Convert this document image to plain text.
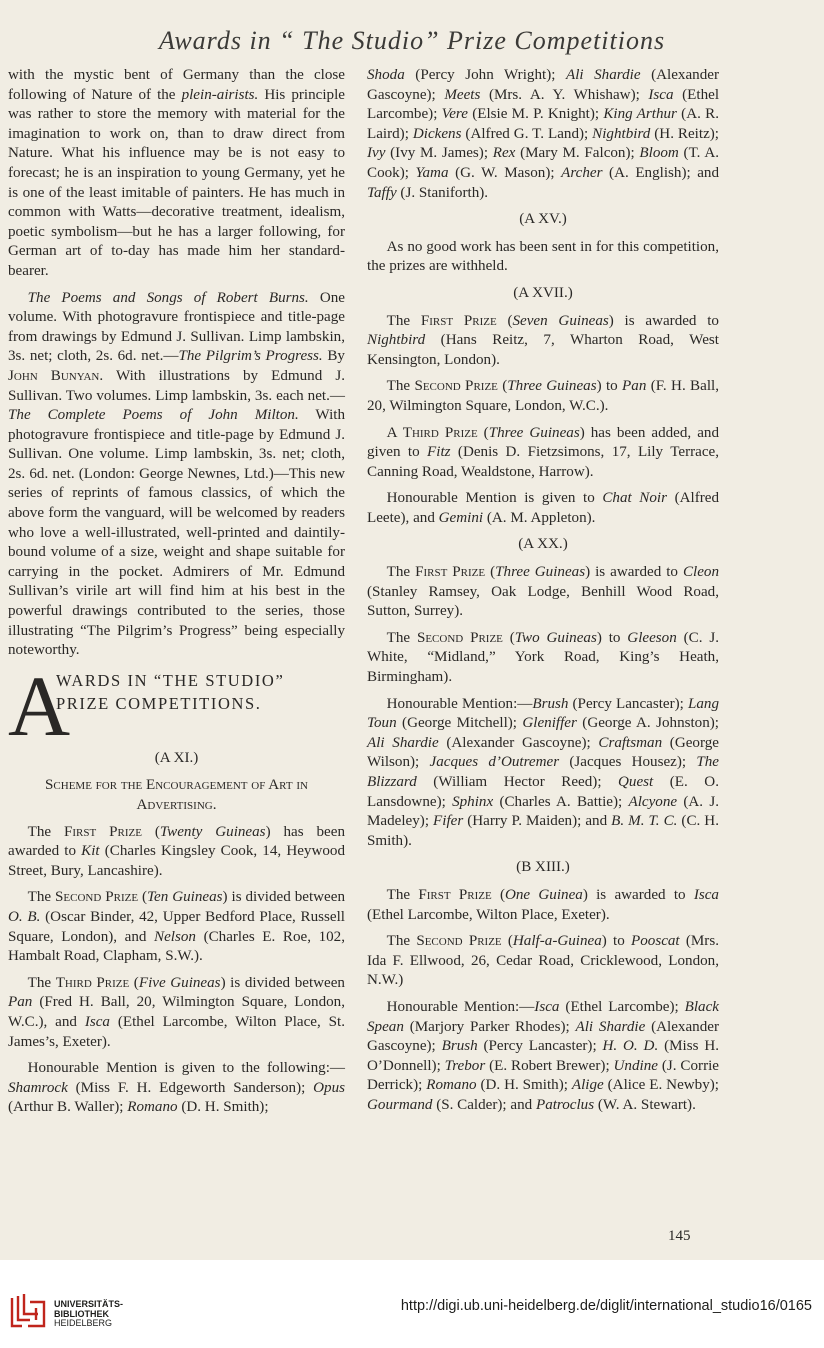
Awards in “ The Studio” Prize Competitions

with the mystic bent of Germany than the close following of Nature of the plein-airists. His principle was rather to store the memory with material for the imagination to work on, than to draw direct from Nature. What his influence may be is not easy to forecast; he is an inspiration to young Germany, yet he is one of the least imitable of painters. He has much in common with Watts—decorative treatment, idealism, poetic symbolism—but he has a larger following, for German art of to-day has made him her standard-bearer.

The Poems and Songs of Robert Burns. One volume. With photogravure frontispiece and title-page from drawings by Edmund J. Sullivan. Limp lambskin, 3s. net; cloth, 2s. 6d. net.—The Pilgrim’s Progress. By John Bunyan. With illustrations by Edmund J. Sullivan. Two volumes. Limp lambskin, 3s. each net.—The Complete Poems of John Milton. With photogravure frontispiece and title-page by Edmund J. Sullivan. One volume. Limp lambskin, 3s. net; cloth, 2s. 6d. net. (London: George Newnes, Ltd.)—This new series of reprints of famous classics, of which the above form the vanguard, will be welcomed by readers who love a well-illustrated, well-printed and daintily-bound volume of a size, weight and shape suitable for carrying in the pocket. Admirers of Mr. Edmund Sullivan’s virile art will find him at his best in the powerful drawings contributed to the series, those illustrating “The Pilgrim’s Progress” being especially noteworthy.

A
WARDS IN “THE STUDIO”
PRIZE COMPETITIONS.

(A XI.)

Scheme for the Encouragement of Art in Advertising.

The First Prize (Twenty Guineas) has been awarded to Kit (Charles Kingsley Cook, 14, Heywood Street, Bury, Lancashire).

The Second Prize (Ten Guineas) is divided between O. B. (Oscar Binder, 42, Upper Bedford Place, Russell Square, London), and Nelson (Charles E. Roe, 102, Hambalt Road, Clapham, S.W.).

The Third Prize (Five Guineas) is divided between Pan (Fred H. Ball, 20, Wilmington Square, London, W.C.), and Isca (Ethel Larcombe, Wilton Place, St. James’s, Exeter).

Honourable Mention is given to the following:— Shamrock (Miss F. H. Edgeworth Sanderson); Opus (Arthur B. Waller); Romano (D. H. Smith);

Shoda (Percy John Wright); Ali Shardie (Alexander Gascoyne); Meets (Mrs. A. Y. Whishaw); Isca (Ethel Larcombe); Vere (Elsie M. P. Knight); King Arthur (A. R. Laird); Dickens (Alfred G. T. Land); Nightbird (H. Reitz); Ivy (Ivy M. James); Rex (Mary M. Falcon); Bloom (T. A. Cook); Yama (G. W. Mason); Archer (A. English); and Taffy (J. Staniforth).

(A XV.)

As no good work has been sent in for this competition, the prizes are withheld.

(A XVII.)

The First Prize (Seven Guineas) is awarded to Nightbird (Hans Reitz, 7, Wharton Road, West Kensington, London).

The Second Prize (Three Guineas) to Pan (F. H. Ball, 20, Wilmington Square, London, W.C.).

A Third Prize (Three Guineas) has been added, and given to Fitz (Denis D. Fietzsimons, 17, Lily Terrace, Canning Road, Wealdstone, Harrow).

Honourable Mention is given to Chat Noir (Alfred Leete), and Gemini (A. M. Appleton).

(A XX.)

The First Prize (Three Guineas) is awarded to Cleon (Stanley Ramsey, Oak Lodge, Benhill Wood Road, Sutton, Surrey).

The Second Prize (Two Guineas) to Gleeson (C. J. White, “Midland,” York Road, King’s Heath, Birmingham).

Honourable Mention:—Brush (Percy Lancaster); Lang Toun (George Mitchell); Gleniffer (George A. Johnston); Ali Shardie (Alexander Gascoyne); Craftsman (George Wilson); Jacques d’Outremer (Jacques Housez); The Blizzard (William Hector Reed); Quest (E. O. Lansdowne); Sphinx (Charles A. Battie); Alcyone (A. J. Madeley); Fifer (Harry P. Maiden); and B. M. T. C. (C. H. Smith).

(B XIII.)

The First Prize (One Guinea) is awarded to Isca (Ethel Larcombe, Wilton Place, Exeter).

The Second Prize (Half-a-Guinea) to Pooscat (Mrs. Ida F. Ellwood, 26, Cedar Road, Cricklewood, London, N.W.)

Honourable Mention:—Isca (Ethel Larcombe); Black Spean (Marjory Parker Rhodes); Ali Shardie (Alexander Gascoyne); Brush (Percy Lancaster); H. O. D. (Miss H. O’Donnell); Trebor (E. Robert Brewer); Undine (J. Corrie Derrick); Romano (D. H. Smith); Alige (Alice E. Newby); Gourmand (S. Calder); and Patroclus (W. A. Stewart).

145
UNIVERSITÄTS-
BIBLIOTHEK
HEIDELBERG
http://digi.ub.uni-heidelberg.de/diglit/international_studio16/0165
